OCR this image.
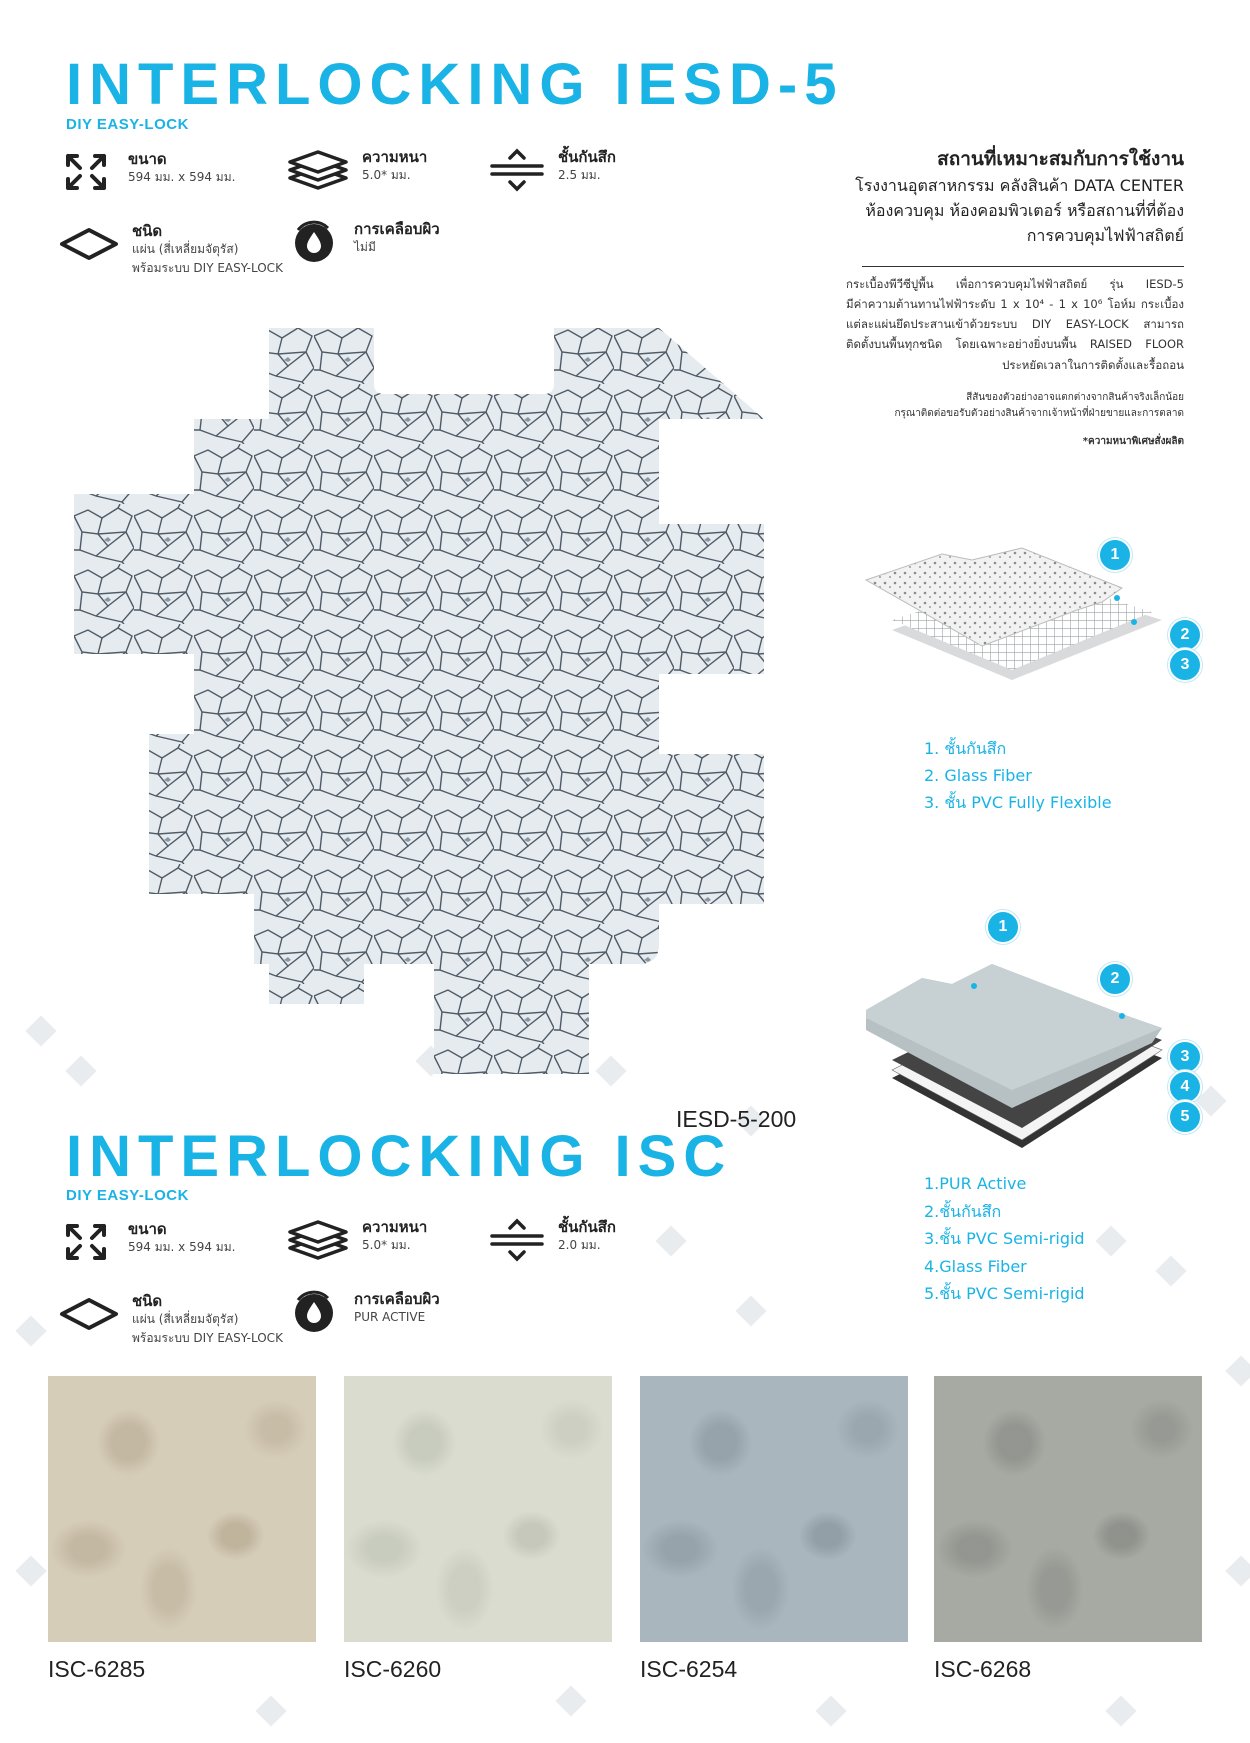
INTERLOCKING IESD-5
DIY EASY-LOCK
ขนาด
594 มม. x 594 มม.
ความหนา
5.0* มม.
ชั้นกันสึก
2.5 มม.
ชนิด
แผ่น (สี่เหลี่ยมจัตุรัส)
พร้อมระบบ DIY EASY-LOCK
การเคลือบผิว
ไม่มี
สถานที่เหมาะสมกับการใช้งาน
โรงงานอุตสาหกรรม คลังสินค้า DATA CENTER
ห้องควบคุม ห้องคอมพิวเตอร์ หรือสถานที่ที่ต้อง
การควบคุมไฟฟ้าสถิตย์
กระเบื้องพีวีซีปูพื้น เพื่อการควบคุมไฟฟ้าสถิตย์ รุ่น IESD-5
มีค่าความต้านทานไฟฟ้าระดับ 1 x 10⁴ - 1 x 10⁶ โอห์ม กระเบื้อง
แต่ละแผ่นยึดประสานเข้าด้วยระบบ DIY EASY-LOCK สามารถ
ติดตั้งบนพื้นทุกชนิด โดยเฉพาะอย่างยิ่งบนพื้น RAISED FLOOR
ประหยัดเวลาในการติดตั้งและรื้อถอน
สีสันของตัวอย่างอาจแตกต่างจากสินค้าจริงเล็กน้อย
กรุณาติดต่อขอรับตัวอย่างสินค้าจากเจ้าหน้าที่ฝ่ายขายและการตลาด
*ความหนาพิเศษสั่งผลิต
1
2
3
1. ชั้นกันสึก
2. Glass Fiber
3. ชั้น PVC Fully Flexible
1
2
3
4
5
IESD-5-200
INTERLOCKING ISC
DIY EASY-LOCK
ขนาด
594 มม. x 594 มม.
ความหนา
5.0* มม.
ชั้นกันสึก
2.0 มม.
ชนิด
แผ่น (สี่เหลี่ยมจัตุรัส)
พร้อมระบบ DIY EASY-LOCK
การเคลือบผิว
PUR ACTIVE
1.PUR Active
2.ชั้นกันสึก
3.ชั้น PVC Semi-rigid
4.Glass Fiber
5.ชั้น PVC Semi-rigid
ISC-6285	ISC-6260	ISC-6254	ISC-6268
